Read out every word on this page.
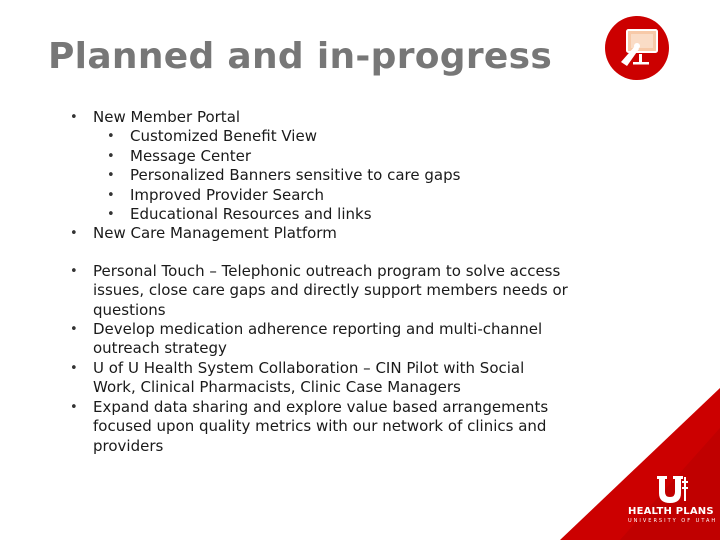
Planned and in-progress
• New Member Portal
• Customized Benefit View
• Message Center
• Personalized Banners sensitive to care gaps
• Improved Provider Search
• Educational Resources and links
• New Care Management Platform
• Personal Touch – Telephonic outreach program to solve access issues, close care gaps and directly support members needs or questions
• Develop medication adherence reporting and multi-channel outreach strategy
• U of U Health System Collaboration – CIN Pilot with Social Work, Clinical Pharmacists, Clinic Case Managers
• Expand data sharing and explore value based arrangements focused upon quality metrics with our network of clinics and providers
HEALTH PLANS
UNIVERSITY OF UTAH
